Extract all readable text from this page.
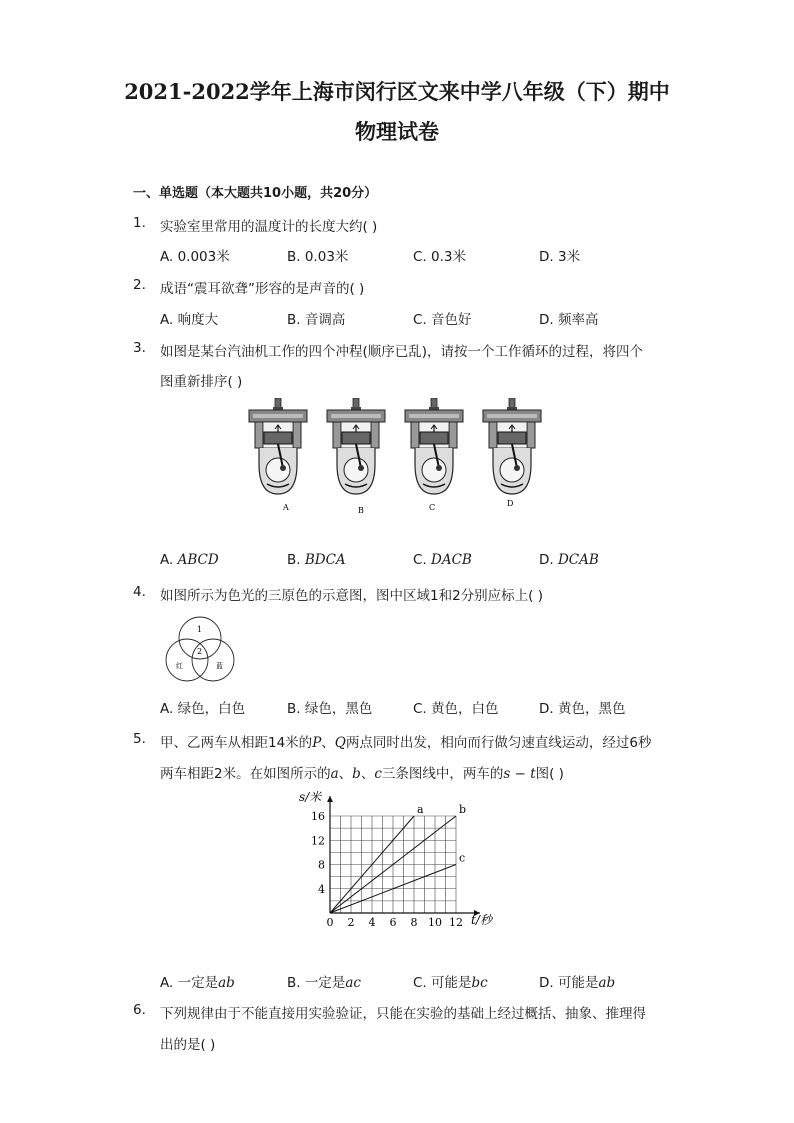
2021-2022学年上海市闵行区文来中学八年级（下）期中
物理试卷
一、单选题（本大题共10小题，共20分）
1. 实验室里常用的温度计的长度大约( )
A. 0.003米	B. 0.03米	C. 0.3米	D. 3米
2. 成语“震耳欲聋”形容的是声音的( )
A. 响度大	B. 音调高	C. 音色好	D. 频率高
3. 如图是某台汽油机工作的四个冲程(顺序已乱)，请按一个工作循环的过程，将四个
图重新排序( )
A	B	C	D
A. ABCD	B. BDCA	C. DACB	D. DCAB
4. 如图所示为色光的三原色的示意图，图中区域1和2分别应标上( )
1
2
红	蓝
A. 绿色，白色	B. 绿色，黑色	C. 黄色，白色	D. 黄色，黑色
5. 甲、乙两车从相距14米的P、Q两点同时出发，相向而行做匀速直线运动，经过6秒
两车相距2米。在如图所示的a、b、c三条图线中，两车的s − t图( )
a	b
c
0 2 4 6 8 10 12
4
8
12
16
s/米
t/秒
A. 一定是ab	B. 一定是ac	C. 可能是bc	D. 可能是ab
6. 下列规律由于不能直接用实验验证，只能在实验的基础上经过概括、抽象、推理得
出的是( )
